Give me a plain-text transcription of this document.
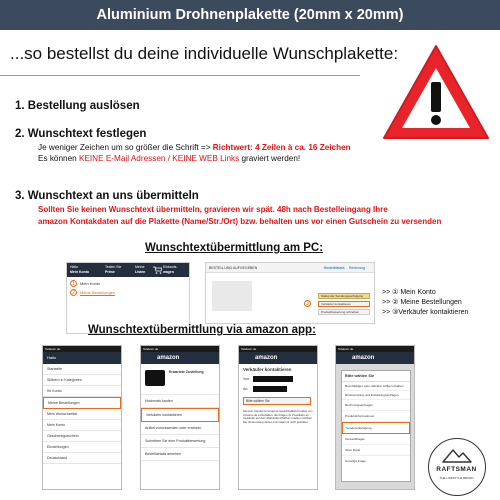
Aluminium Drohnenplakette (20mm x 20mm)
...so bestellst du deine individuelle Wunschplakette:
1. Bestellung auslösen
2. Wunschtext festlegen
Je weniger Zeichen um so größer die Schrift => Richtwert: 4 Zeilen à ca. 16 Zeichen
Es können KEINE E-Mail Adressen / KEINE WEB Links graviert werden!
3. Wunschtext an uns übermitteln
Sollten Sie keinen Wunschtext übermitteln, gravieren wir spät. 48h nach Bestelleingang Ihre
amazon Kontakdaten auf die Plakette (Name/Str./Ort) bzw. behalten uns vor einen Gutschein zu versenden
Wunschtextübermittlung am PC:
Hallo
Mein Konto
Testen Sie
Prime
Meine
Listen
Einkaufs-
wagen
1	Mein Konto
2	Meine Bestellungen
BESTELLUNG AUFGEGEBEN	Bestelldetails Rechnung
Status der Sendungsverfolgung
Verkäufer kontaktieren
Produktbewertung schreiben
3
>> ① Mein Konto
>> ② Meine Bestellungen
>> ③Verkäufer kontaktieren
Wunschtextübermittlung via amazon app:
Telekom.de
Hallo
Startseite
Stöbern in Kategorien
Ihr Konto
Meine Bestellungen
Mein Wunschzettel
Mein Konto
Geschenkgutschein
Einstellungen
Deutschland
Telekom.de
amazon
Erwartete Zustellung
Nochmals kaufen
Verkäufer kontaktieren
Artikel zurücksenden oder ersetzen
Schreiben Sie eine Produktbewertung
Bestelldetails ansehen
Telekom.de
amazon
Verkäufer kontaktieren
Von:
An:
Bitte wählen Sie
Hinweis: Dieses Formular ist ausschließlich Kunden von Amazon.de vorbehalten, die Fragen zu Produkten an Verkäufer auf dem Marktplatz-Plattform stellen möchten. Die Verwendung dieses Formulars ist nicht gestattet.
Telekom.de
amazon
Bitte wählen Sie
Beschädigter oder defekter Artikel erhalten
Rücksendung und Erstattungsanfragen
Rechnungsanfragen
Produktinformationen
Sonderanfertigung
Versandfragen
Ihren Dank
Sonstige Frage
RAFTSMAN
THE LIFESTYLE BRAND
